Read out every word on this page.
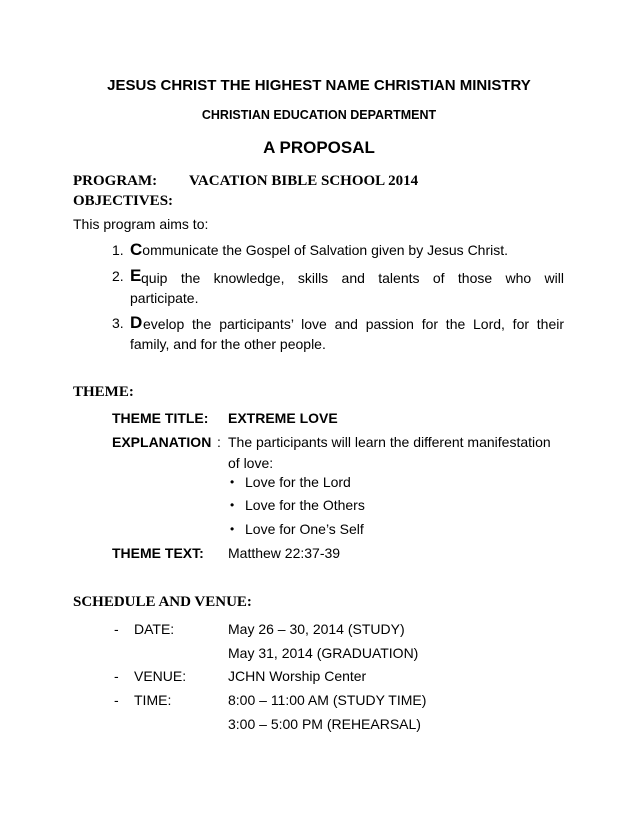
JESUS CHRIST THE HIGHEST NAME CHRISTIAN MINISTRY
CHRISTIAN EDUCATION DEPARTMENT
A PROPOSAL
PROGRAM: VACATION BIBLE SCHOOL 2014
OBJECTIVES:
This program aims to:
1. Communicate the Gospel of Salvation given by Jesus Christ.
2. E quip the knowledge, skills and talents of those who will
participate.
3. D evelop the participants’ love and passion for the Lord, for their
family, and for the other people.
THEME:
THEME TITLE: EXTREME LOVE
EXPLANATION : The participants will learn the different manifestation
of love:
• Love for the Lord
• Love for the Others
• Love for One’s Self
THEME TEXT: Matthew 22:37-39
SCHEDULE AND VENUE:
- DATE:	May 26 – 30, 2014 (STUDY)
May 31, 2014 (GRADUATION)
- VENUE:	JCHN Worship Center
- TIME:	8:00 – 11:00 AM (STUDY TIME)
3:00 – 5:00 PM (REHEARSAL)
